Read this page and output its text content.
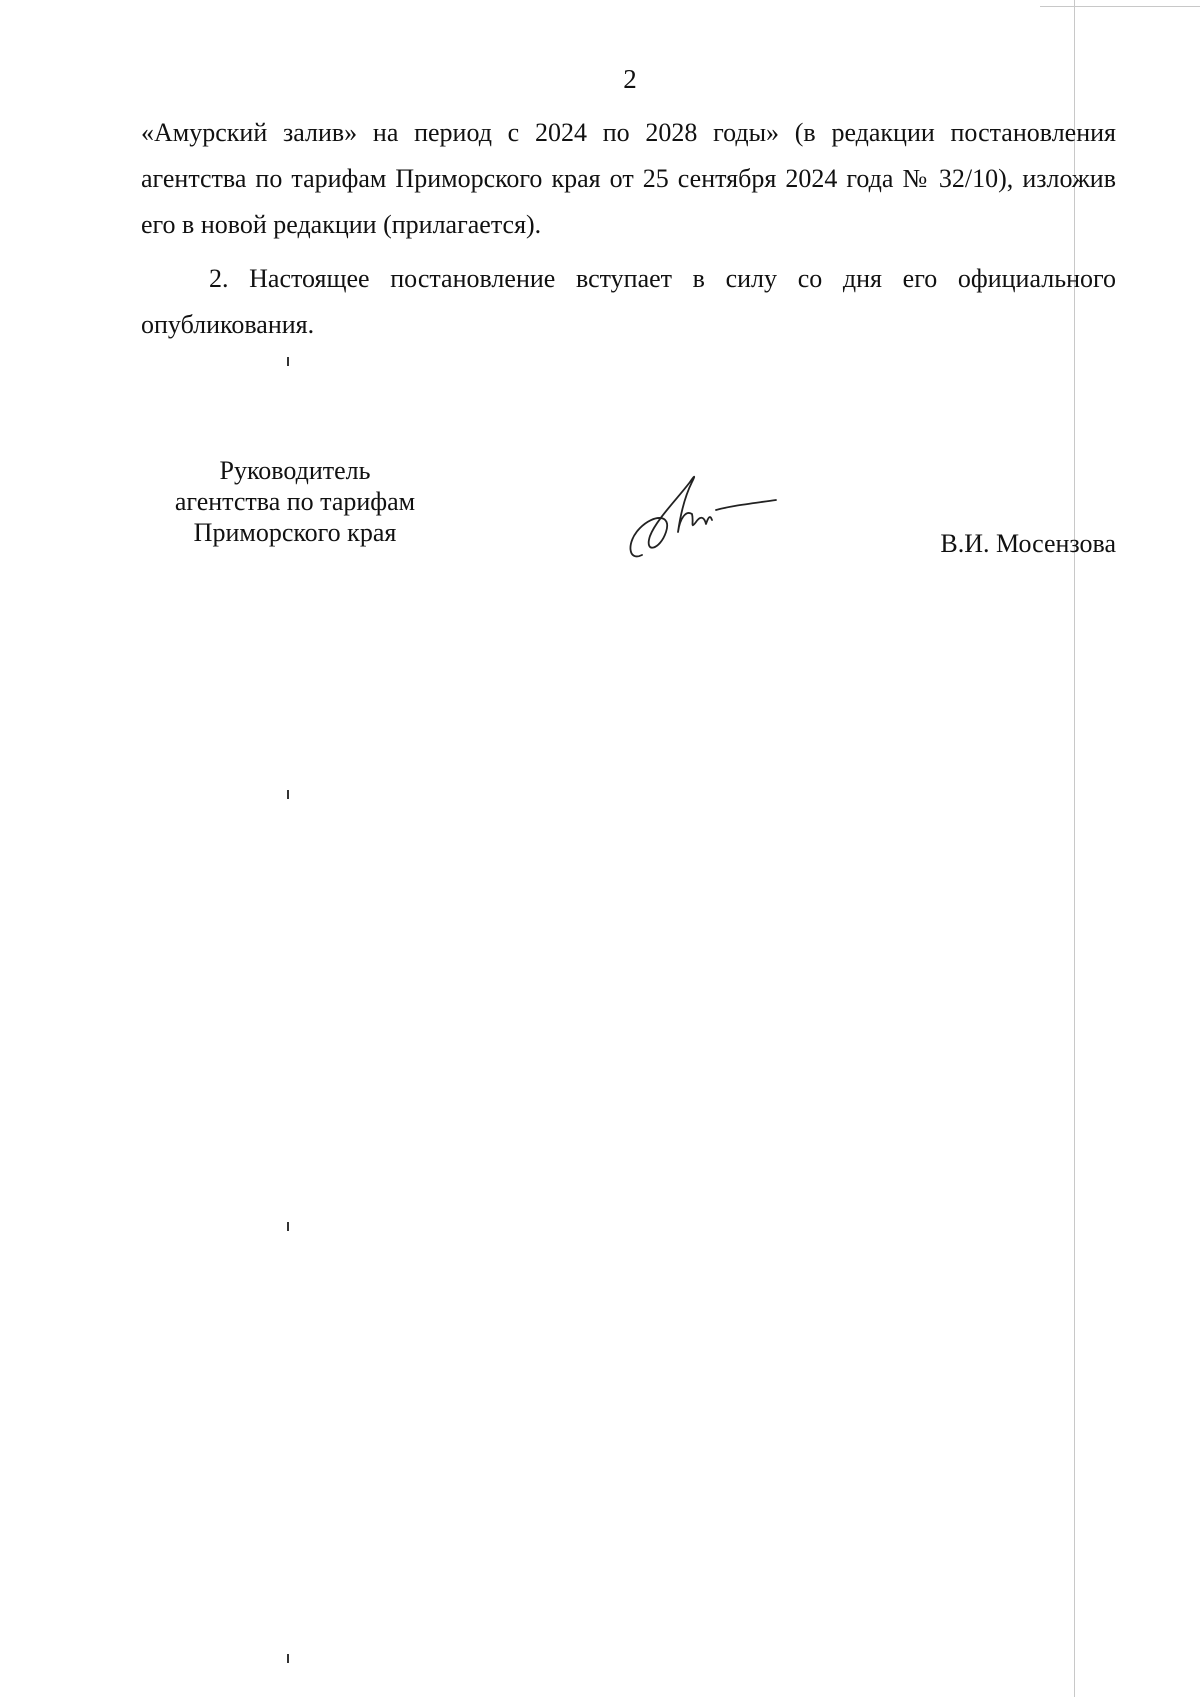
2

«Амурский залив» на период с 2024 по 2028 годы» (в редакции постановления агентства по тарифам Приморского края от 25 сентября 2024 года № 32/10), изложив его в новой редакции (прилагается).

2. Настоящее постановление вступает в силу со дня его официального опубликования.

Руководитель
агентства по тарифам
Приморского края	В.И. Мосензова
